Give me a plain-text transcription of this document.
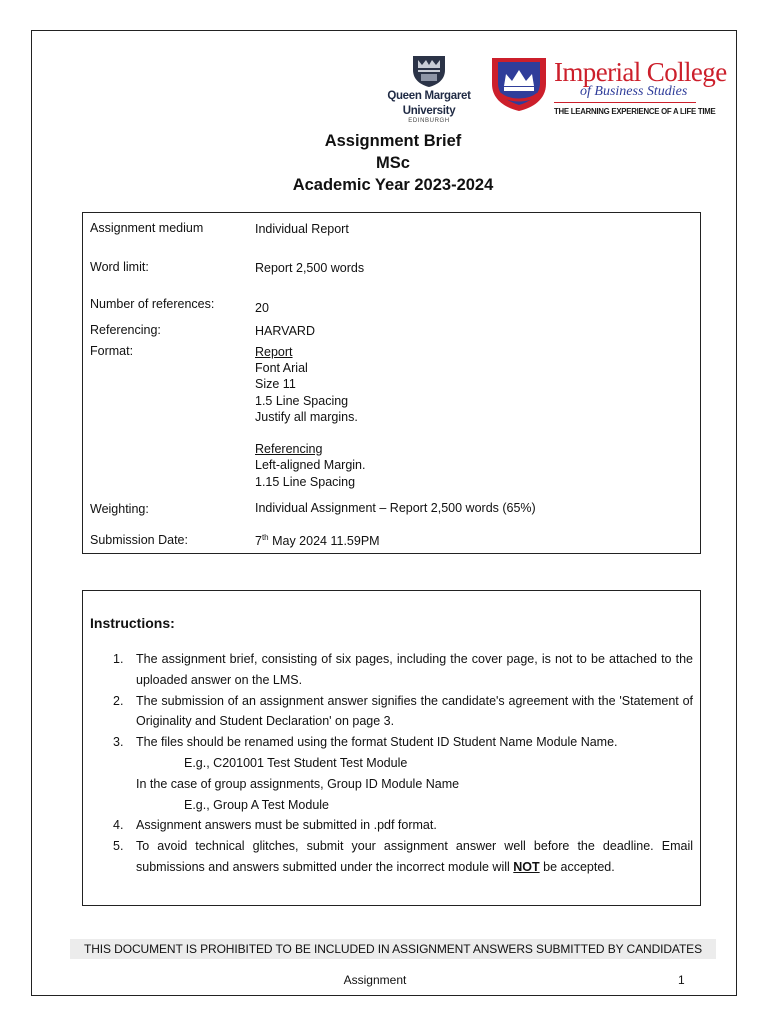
Queen Margaret
University
EDINBURGH
Imperial College
of Business Studies
THE LEARNING EXPERIENCE OF A LIFE TIME
Assignment Brief
MSc
Academic Year 2023-2024
Assignment medium	Individual Report
Word limit:	Report 2,500 words
Number of references:	20
Referencing:	HARVARD
Format:	Report
Font Arial
Size 11
1.5 Line Spacing
Justify all margins.
Referencing
Left-aligned Margin.
1.15 Line Spacing
Weighting:	Individual Assignment – Report 2,500 words (65%)
Submission Date:	7th May 2024 11.59PM
Instructions:
1. The assignment brief, consisting of six pages, including the cover page, is not to be attached to the uploaded answer on the LMS.
2. The submission of an assignment answer signifies the candidate's agreement with the 'Statement of Originality and Student Declaration' on page 3.
3. The files should be renamed using the format Student ID Student Name Module Name.
E.g., C201001 Test Student Test Module
In the case of group assignments, Group ID Module Name
E.g., Group A Test Module
4. Assignment answers must be submitted in .pdf format.
5. To avoid technical glitches, submit your assignment answer well before the deadline. Email submissions and answers submitted under the incorrect module will NOT be accepted.
THIS DOCUMENT IS PROHIBITED TO BE INCLUDED IN ASSIGNMENT ANSWERS SUBMITTED BY CANDIDATES
Assignment	1
